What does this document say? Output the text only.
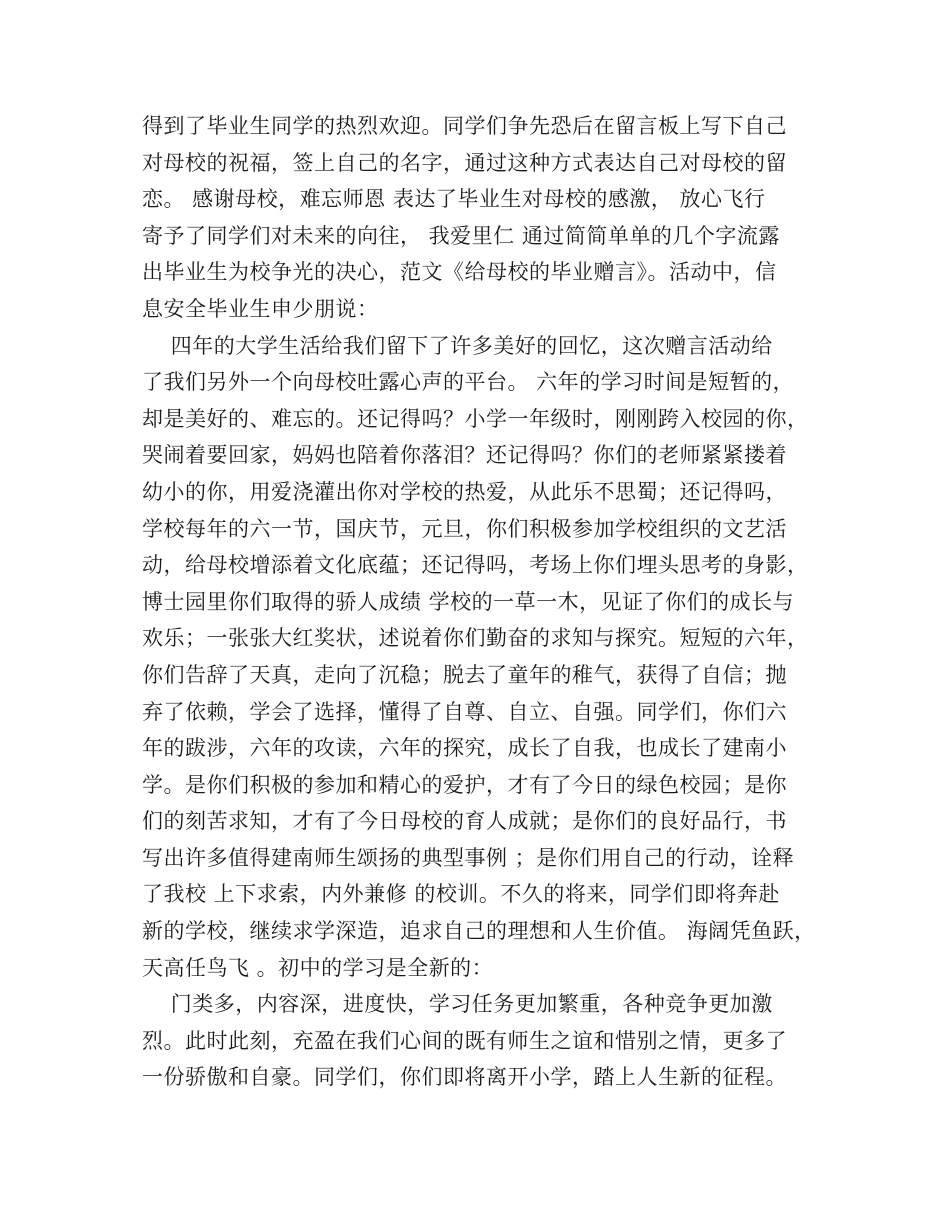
得到了毕业生同学的热烈欢迎。同学们争先恐后在留言板上写下自己
对母校的祝福，签上自己的名字，通过这种方式表达自己对母校的留
恋。 感谢母校，难忘师恩 表达了毕业生对母校的感激， 放心飞行
寄予了同学们对未来的向往， 我爱里仁 通过简简单单的几个字流露
出毕业生为校争光的决心，范文《给母校的毕业赠言》。活动中，信
息安全毕业生申少朋说：
四年的大学生活给我们留下了许多美好的回忆，这次赠言活动给
了我们另外一个向母校吐露心声的平台。 六年的学习时间是短暂的，
却是美好的、难忘的。还记得吗？小学一年级时，刚刚跨入校园的你，
哭闹着要回家，妈妈也陪着你落泪？还记得吗？你们的老师紧紧搂着
幼小的你，用爱浇灌出你对学校的热爱，从此乐不思蜀；还记得吗，
学校每年的六一节，国庆节，元旦，你们积极参加学校组织的文艺活
动，给母校增添着文化底蕴；还记得吗，考场上你们埋头思考的身影，
博士园里你们取得的骄人成绩 学校的一草一木，见证了你们的成长与
欢乐；一张张大红奖状，述说着你们勤奋的求知与探究。短短的六年，
你们告辞了天真，走向了沉稳；脱去了童年的稚气，获得了自信；抛
弃了依赖，学会了选择，懂得了自尊、自立、自强。同学们，你们六
年的跋涉，六年的攻读，六年的探究，成长了自我，也成长了建南小
学。是你们积极的参加和精心的爱护，才有了今日的绿色校园；是你
们的刻苦求知，才有了今日母校的育人成就；是你们的良好品行，书
写出许多值得建南师生颂扬的典型事例 ；是你们用自己的行动，诠释
了我校 上下求索，内外兼修 的校训。不久的将来，同学们即将奔赴
新的学校，继续求学深造，追求自己的理想和人生价值。 海阔凭鱼跃，
天高任鸟飞 。初中的学习是全新的：
门类多，内容深，进度快，学习任务更加繁重，各种竞争更加激
烈。此时此刻，充盈在我们心间的既有师生之谊和惜别之情，更多了
一份骄傲和自豪。同学们，你们即将离开小学，踏上人生新的征程。
